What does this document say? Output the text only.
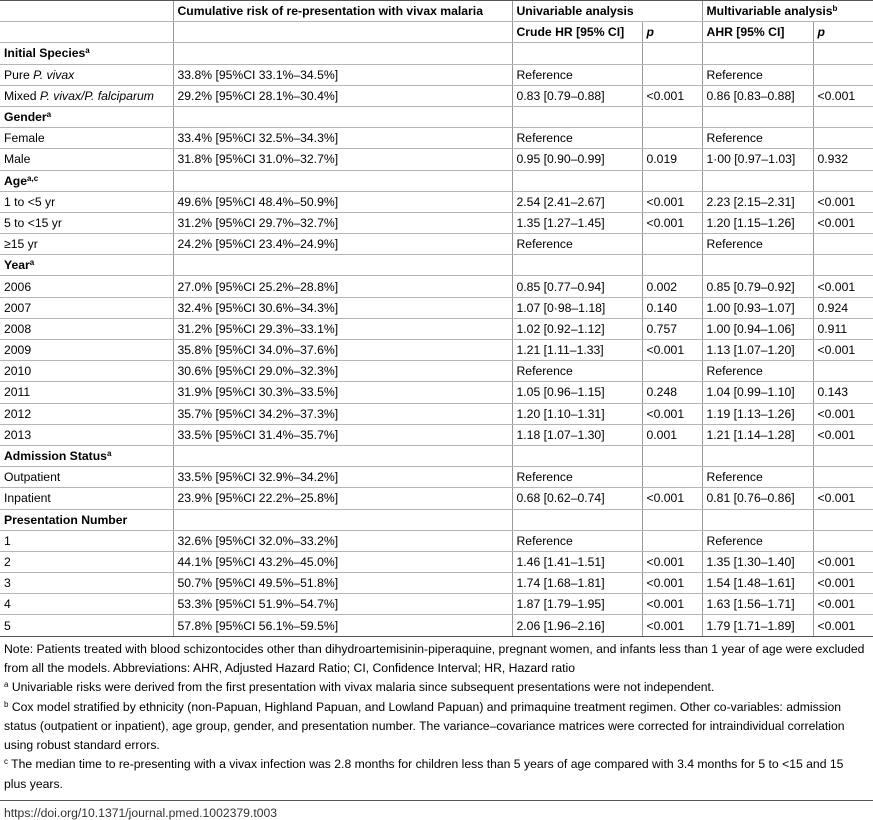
	Cumulative risk of re-presentation with vivax malaria	Univariable analysis		Multivariable analysis$^b$
		Crude HR [95% CI]	p	AHR [95% CI]	p
Initial Species$^a$					
Pure P. vivax	33.8% [95%CI 33.1%–34.5%]	Reference		Reference	
Mixed P. vivax/P. falciparum	29.2% [95%CI 28.1%–30.4%]	0.83 [0.79–0.88]	<0.001	0.86 [0.83–0.88]	<0.001
Gender$^a$					
Female	33.4% [95%CI 32.5%–34.3%]	Reference		Reference	
Male	31.8% [95%CI 31.0%–32.7%]	0.95 [0.90–0.99]	0.019	1·00 [0.97–1.03]	0.932
Age$^{a,c}$					
1 to <5 yr	49.6% [95%CI 48.4%–50.9%]	2.54 [2.41–2.67]	<0.001	2.23 [2.15–2.31]	<0.001
5 to <15 yr	31.2% [95%CI 29.7%–32.7%]	1.35 [1.27–1.45]	<0.001	1.20 [1.15–1.26]	<0.001
≥15 yr	24.2% [95%CI 23.4%–24.9%]	Reference		Reference	
Year$^a$					
2006	27.0% [95%CI 25.2%–28.8%]	0.85 [0.77–0.94]	0.002	0.85 [0.79–0.92]	<0.001
2007	32.4% [95%CI 30.6%–34.3%]	1.07 [0·98–1.18]	0.140	1.00 [0.93–1.07]	0.924
2008	31.2% [95%CI 29.3%–33.1%]	1.02 [0.92–1.12]	0.757	1.00 [0.94–1.06]	0.911
2009	35.8% [95%CI 34.0%–37.6%]	1.21 [1.11–1.33]	<0.001	1.13 [1.07–1.20]	<0.001
2010	30.6% [95%CI 29.0%–32.3%]	Reference		Reference	
2011	31.9% [95%CI 30.3%–33.5%]	1.05 [0.96–1.15]	0.248	1.04 [0.99–1.10]	0.143
2012	35.7% [95%CI 34.2%–37.3%]	1.20 [1.10–1.31]	<0.001	1.19 [1.13–1.26]	<0.001
2013	33.5% [95%CI 31.4%–35.7%]	1.18 [1.07–1.30]	0.001	1.21 [1.14–1.28]	<0.001
Admission Status$^a$					
Outpatient	33.5% [95%CI 32.9%–34.2%]	Reference		Reference	
Inpatient	23.9% [95%CI 22.2%–25.8%]	0.68 [0.62–0.74]	<0.001	0.81 [0.76–0.86]	<0.001
Presentation Number					
1	32.6% [95%CI 32.0%–33.2%]	Reference		Reference	
2	44.1% [95%CI 43.2%–45.0%]	1.46 [1.41–1.51]	<0.001	1.35 [1.30–1.40]	<0.001
3	50.7% [95%CI 49.5%–51.8%]	1.74 [1.68–1.81]	<0.001	1.54 [1.48–1.61]	<0.001
4	53.3% [95%CI 51.9%–54.7%]	1.87 [1.79–1.95]	<0.001	1.63 [1.56–1.71]	<0.001
5	57.8% [95%CI 56.1%–59.5%]	2.06 [1.96–2.16]	<0.001	1.79 [1.71–1.89]	<0.001

Note: Patients treated with blood schizontocides other than dihydroartemisinin-piperaquine, pregnant women, and infants less than 1 year of age were excluded from all the models. Abbreviations: AHR, Adjusted Hazard Ratio; CI, Confidence Interval; HR, Hazard ratio

$^a$ Univariable risks were derived from the first presentation with vivax malaria since subsequent presentations were not independent.

$^b$ Cox model stratified by ethnicity (non-Papuan, Highland Papuan, and Lowland Papuan) and primaquine treatment regimen. Other co-variables: admission status (outpatient or inpatient), age group, gender, and presentation number. The variance–covariance matrices were corrected for intraindividual correlation using robust standard errors.

$^c$ The median time to re-presenting with a vivax infection was 2.8 months for children less than 5 years of age compared with 3.4 months for 5 to <15 and 15 plus years.

https://doi.org/10.1371/journal.pmed.1002379.t003
